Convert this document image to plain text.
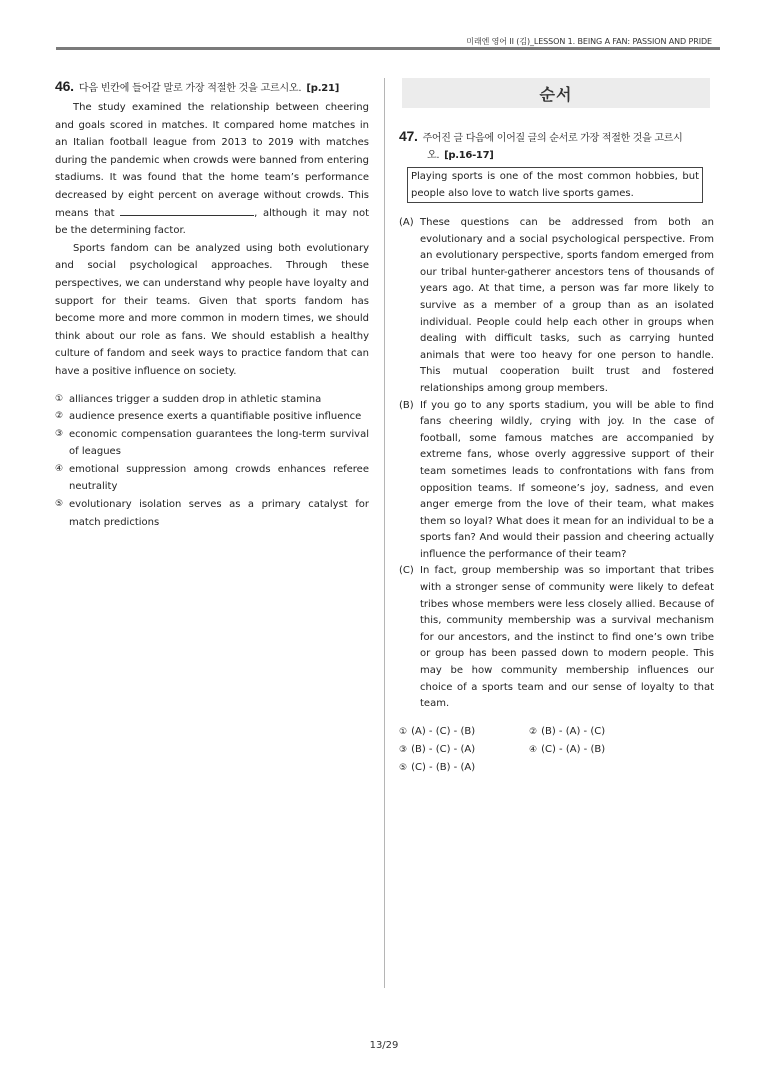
미래엔 영어 II (김)_LESSON 1. BEING A FAN: PASSION AND PRIDE
46. 다음 빈칸에 들어갈 말로 가장 적절한 것을 고르시오. [p.21]

The study examined the relationship between cheering and goals scored in matches. It compared home matches in an Italian football league from 2013 to 2019 with matches during the pandemic when crowds were banned from entering stadiums. It was found that the home team’s performance decreased by eight percent on average without crowds. This means that	, although it may not be the determining factor.

Sports fandom can be analyzed using both evolutionary and social psychological approaches. Through these perspectives, we can understand why people have loyalty and support for their teams. Given that sports fandom has become more and more common in modern times, we should think about our role as fans. We should establish a healthy culture of fandom and seek ways to practice fandom that can have a positive influence on society.

① alliances trigger a sudden drop in athletic stamina
② audience presence exerts a quantifiable positive influence
③ economic compensation guarantees the long-term survival of leagues
④ emotional suppression among crowds enhances referee neutrality
⑤ evolutionary isolation serves as a primary catalyst for match predictions
순서
47. 주어진 글 다음에 이어질 글의 순서로 가장 적절한 것을 고르시
오. [p.16-17]
Playing sports is one of the most common hobbies, but people also love to watch live sports games.

(A) These questions can be addressed from both an evolutionary and a social psychological perspective. From an evolutionary perspective, sports fandom emerged from our tribal hunter-gatherer ancestors tens of thousands of years ago. At that time, a person was far more likely to survive as a member of a group than as an isolated individual. People could help each other in groups when dealing with difficult tasks, such as carrying hunted animals that were too heavy for one person to handle. This mutual cooperation built trust and fostered relationships among group members.

(B) If you go to any sports stadium, you will be able to find fans cheering wildly, crying with joy. In the case of football, some famous matches are accompanied by extreme fans, whose overly aggressive support of their team sometimes leads to confrontations with fans from opposition teams. If someone’s joy, sadness, and even anger emerge from the love of their team, what makes them so loyal? What does it mean for an individual to be a sports fan? And would their passion and cheering actually influence the performance of their team?

(C) In fact, group membership was so important that tribes with a stronger sense of community were likely to defeat tribes whose members were less closely allied. Because of this, community membership was a survival mechanism for our ancestors, and the instinct to find one’s own tribe or group has been passed down to modern people. This may be how community membership influences our choice of a sports team and our sense of loyalty to that team.

① (A) - (C) - (B)	② (B) - (A) - (C)
③ (B) - (C) - (A)	④ (C) - (A) - (B)
⑤ (C) - (B) - (A)
13/29
